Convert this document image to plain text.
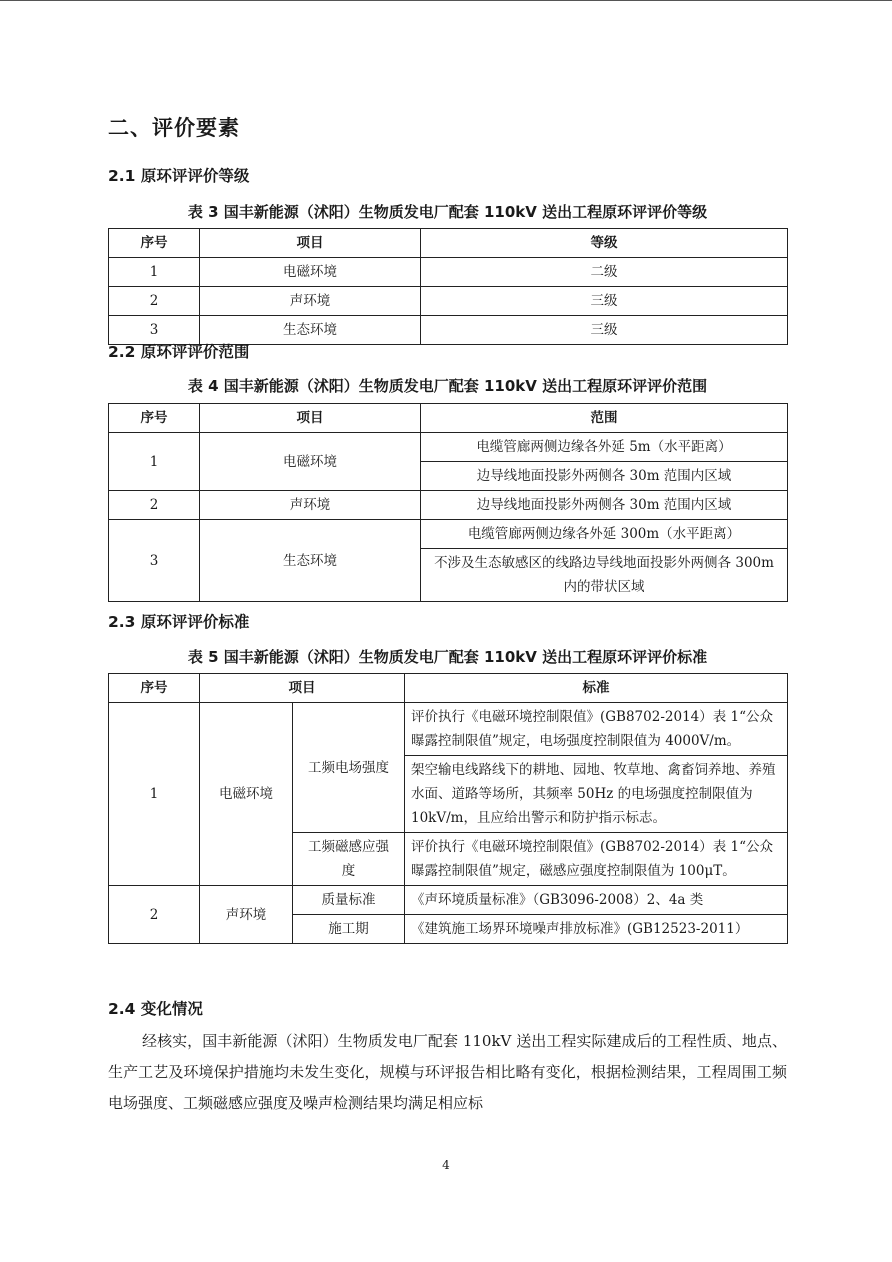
二、评价要素
2.1 原环评评价等级
表 3 国丰新能源（沭阳）生物质发电厂配套 110kV 送出工程原环评评价等级
序号	项目	等级
1	电磁环境	二级
2	声环境	三级
3	生态环境	三级
2.2 原环评评价范围
表 4 国丰新能源（沭阳）生物质发电厂配套 110kV 送出工程原环评评价范围
序号	项目	范围
1	电磁环境	电缆管廊两侧边缘各外延 5m（水平距离）
		边导线地面投影外两侧各 30m 范围内区域
2	声环境	边导线地面投影外两侧各 30m 范围内区域
3	生态环境	电缆管廊两侧边缘各外延 300m（水平距离）
		不涉及生态敏感区的线路边导线地面投影外两侧各 300m 内的带状区域
2.3 原环评评价标准
表 5 国丰新能源（沭阳）生物质发电厂配套 110kV 送出工程原环评评价标准
序号	项目		标准
1	电磁环境	工频电场强度	评价执行《电磁环境控制限值》(GB8702-2014）表 1“公众曝露控制限值”规定，电场强度控制限值为 4000V/m。
			架空输电线路线下的耕地、园地、牧草地、禽畜饲养地、养殖水面、道路等场所，其频率 50Hz 的电场强度控制限值为 10kV/m，且应给出警示和防护指示标志。
		工频磁感应强度	评价执行《电磁环境控制限值》(GB8702-2014）表 1“公众曝露控制限值”规定，磁感应强度控制限值为 100μT。
2	声环境	质量标准	《声环境质量标准》（GB3096-2008）2、4a 类
		施工期	《建筑施工场界环境噪声排放标准》(GB12523-2011）
2.4 变化情况

经核实，国丰新能源（沭阳）生物质发电厂配套 110kV 送出工程实际建成后的工程性质、地点、生产工艺及环境保护措施均未发生变化，规模与环评报告相比略有变化，根据检测结果，工程周围工频电场强度、工频磁感应强度及噪声检测结果均满足相应标

4
